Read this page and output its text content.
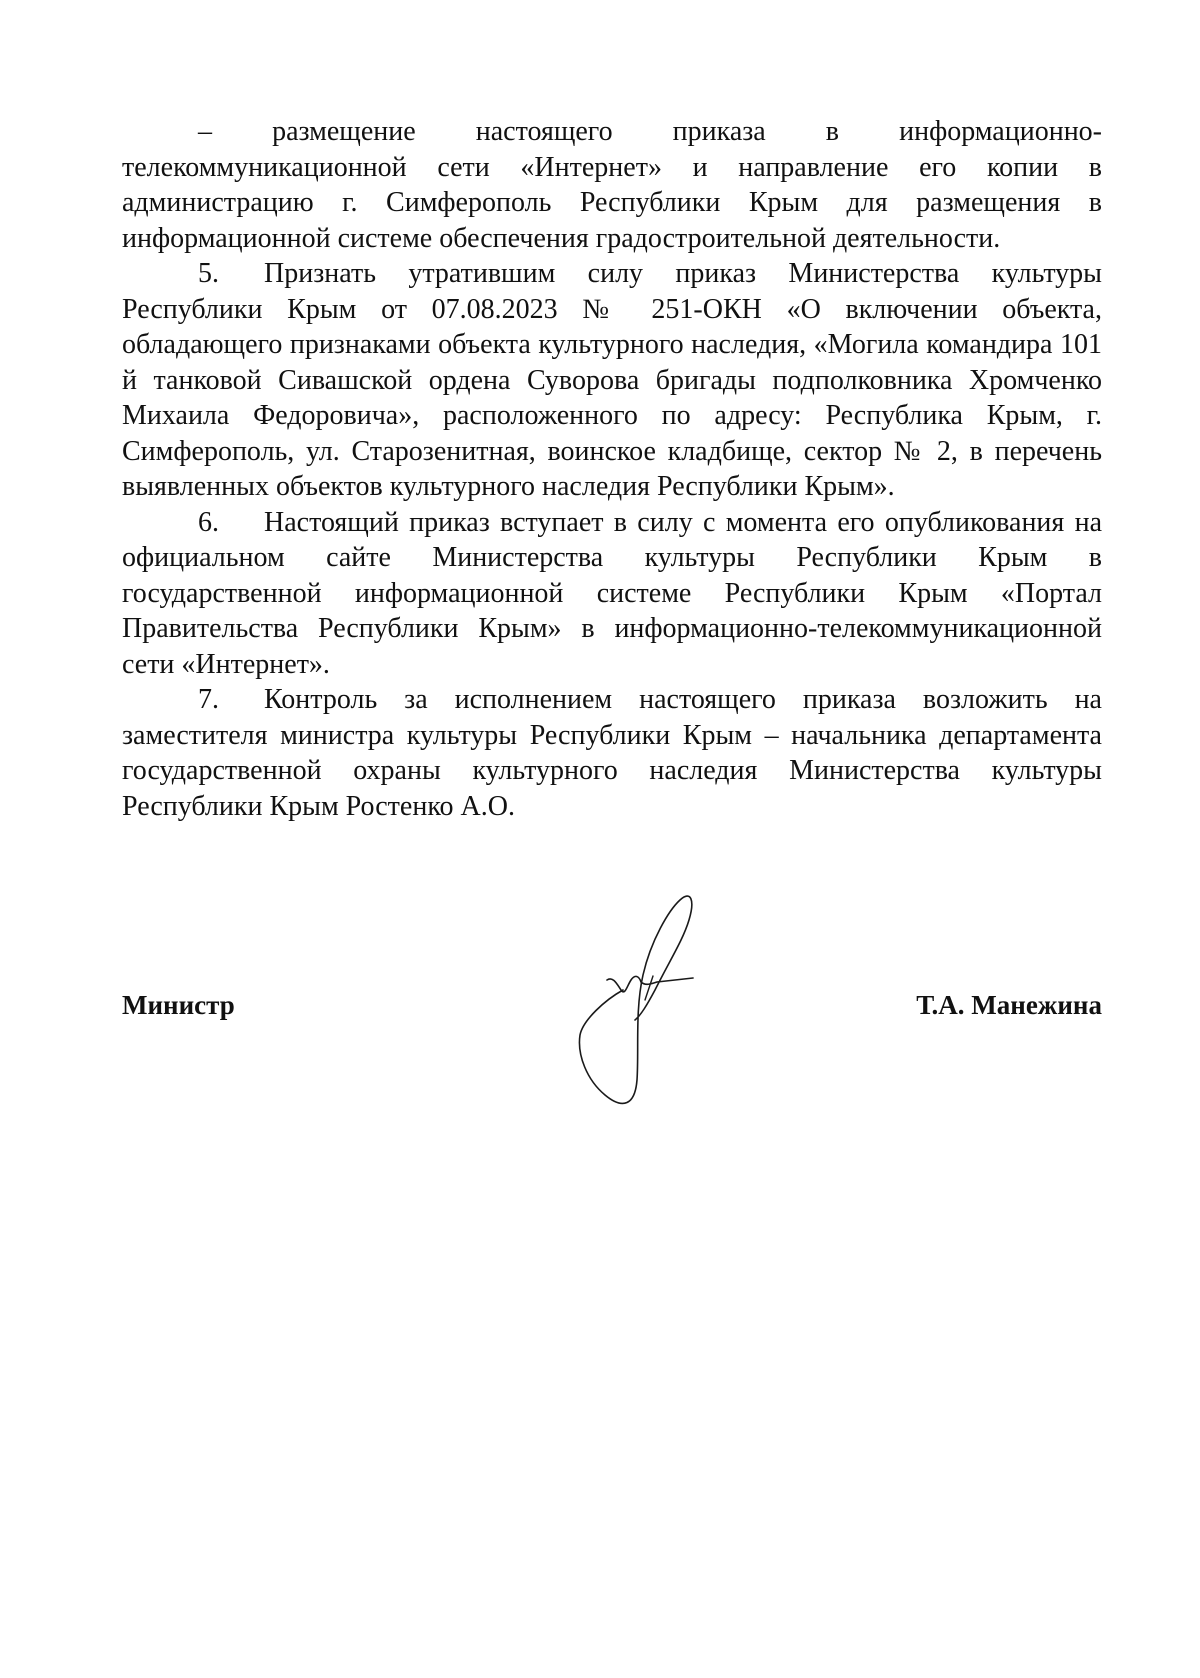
– размещение настоящего приказа в информационно-телекоммуникационной сети «Интернет» и направление его копии в администрацию г. Симферополь Республики Крым для размещения в информационной системе обеспечения градостроительной деятельности.

5. Признать утратившим силу приказ Министерства культуры Республики Крым от 07.08.2023 № 251-ОКН «О включении объекта, обладающего признаками объекта культурного наследия, «Могила командира 101 й танковой Сивашской ордена Суворова бригады подполковника Хромченко Михаила Федоровича», расположенного по адресу: Республика Крым, г. Симферополь, ул. Старозенитная, воинское кладбище, сектор № 2, в перечень выявленных объектов культурного наследия Республики Крым».

6. Настоящий приказ вступает в силу с момента его опубликования на официальном сайте Министерства культуры Республики Крым в государственной информационной системе Республики Крым «Портал Правительства Республики Крым» в информационно-телекоммуникационной сети «Интернет».

7. Контроль за исполнением настоящего приказа возложить на заместителя министра культуры Республики Крым – начальника департамента государственной охраны культурного наследия Министерства культуры Республики Крым Ростенко А.О.

Министр	Т.А. Манежина
